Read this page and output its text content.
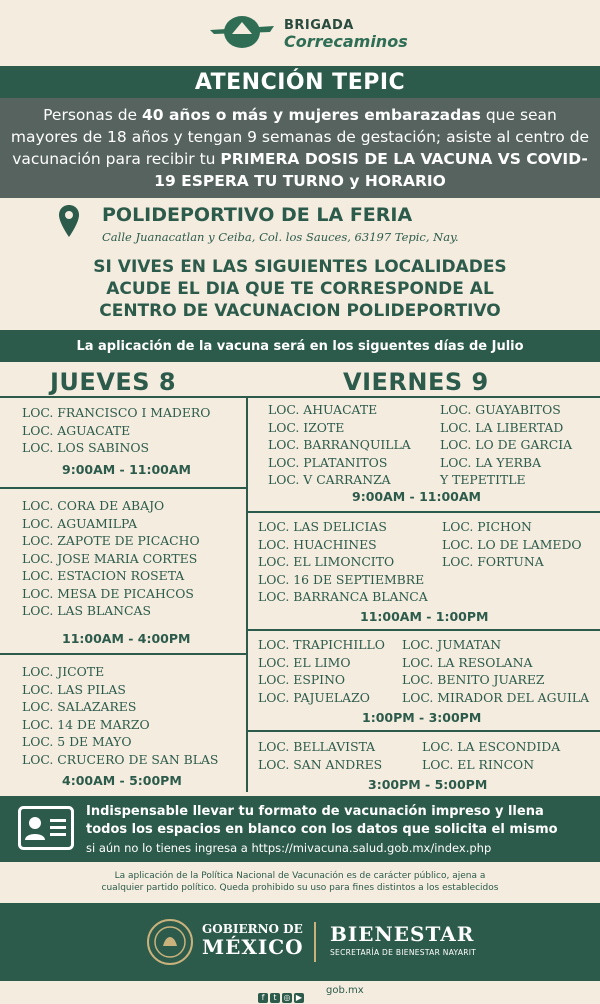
BRIGADA
Correcaminos
ATENCIÓN TEPIC
Personas de 40 años o más y mujeres embarazadas que sean mayores de 18 años y tengan 9 semanas de gestación; asiste al centro de vacunación para recibir tu PRIMERA DOSIS DE LA VACUNA VS COVID-19 ESPERA TU TURNO y HORARIO
POLIDEPORTIVO DE LA FERIA
Calle Juanacatlan y Ceiba, Col. los Sauces, 63197 Tepic, Nay.
SI VIVES EN LAS SIGUIENTES LOCALIDADES
ACUDE EL DIA QUE TE CORRESPONDE AL
CENTRO DE VACUNACION POLIDEPORTIVO
La aplicación de la vacuna será en los siguentes días de Julio
JUEVES 8	VIERNES 9
LOC. FRANCISCO I MADERO
LOC. AGUACATE
LOC. LOS SABINOS
9:00AM - 11:00AM
LOC. CORA DE ABAJO
LOC. AGUAMILPA
LOC. ZAPOTE DE PICACHO
LOC. JOSE MARIA CORTES
LOC. ESTACION ROSETA
LOC. MESA DE PICAHCOS
LOC. LAS BLANCAS
11:00AM - 4:00PM
LOC. JICOTE
LOC. LAS PILAS
LOC. SALAZARES
LOC. 14 DE MARZO
LOC. 5 DE MAYO
LOC. CRUCERO DE SAN BLAS
4:00AM - 5:00PM
LOC. AHUACATE
LOC. IZOTE
LOC. BARRANQUILLA
LOC. PLATANITOS
LOC. V CARRANZA
LOC. GUAYABITOS
LOC. LA LIBERTAD
LOC. LO DE GARCIA
LOC. LA YERBA
Y TEPETITLE
9:00AM - 11:00AM
LOC. LAS DELICIAS
LOC. HUACHINES
LOC. EL LIMONCITO
LOC. 16 DE SEPTIEMBRE
LOC. BARRANCA BLANCA
LOC. PICHON
LOC. LO DE LAMEDO
LOC. FORTUNA
11:00AM - 1:00PM
LOC. TRAPICHILLO
LOC. EL LIMO
LOC. ESPINO
LOC. PAJUELAZO
LOC. JUMATAN
LOC. LA RESOLANA
LOC. BENITO JUAREZ
LOC. MIRADOR DEL AGUILA
1:00PM - 3:00PM
LOC. BELLAVISTA
LOC. SAN ANDRES
LOC. LA ESCONDIDA
LOC. EL RINCON
3:00PM - 5:00PM
Indispensable llevar tu formato de vacunación impreso y llena
todos los espacios en blanco con los datos que solicita el mismo
si aún no lo tienes ingresa a https://mivacuna.salud.gob.mx/index.php
La aplicación de la Política Nacional de Vacunación es de carácter público, ajena a
cualquier partido político. Queda prohibido su uso para fines distintos a los establecidos
GOBIERNO DE
MÉXICO
BIENESTAR
SECRETARÍA DE BIENESTAR NAYARIT
f t ◎ ▶
gob.mx
